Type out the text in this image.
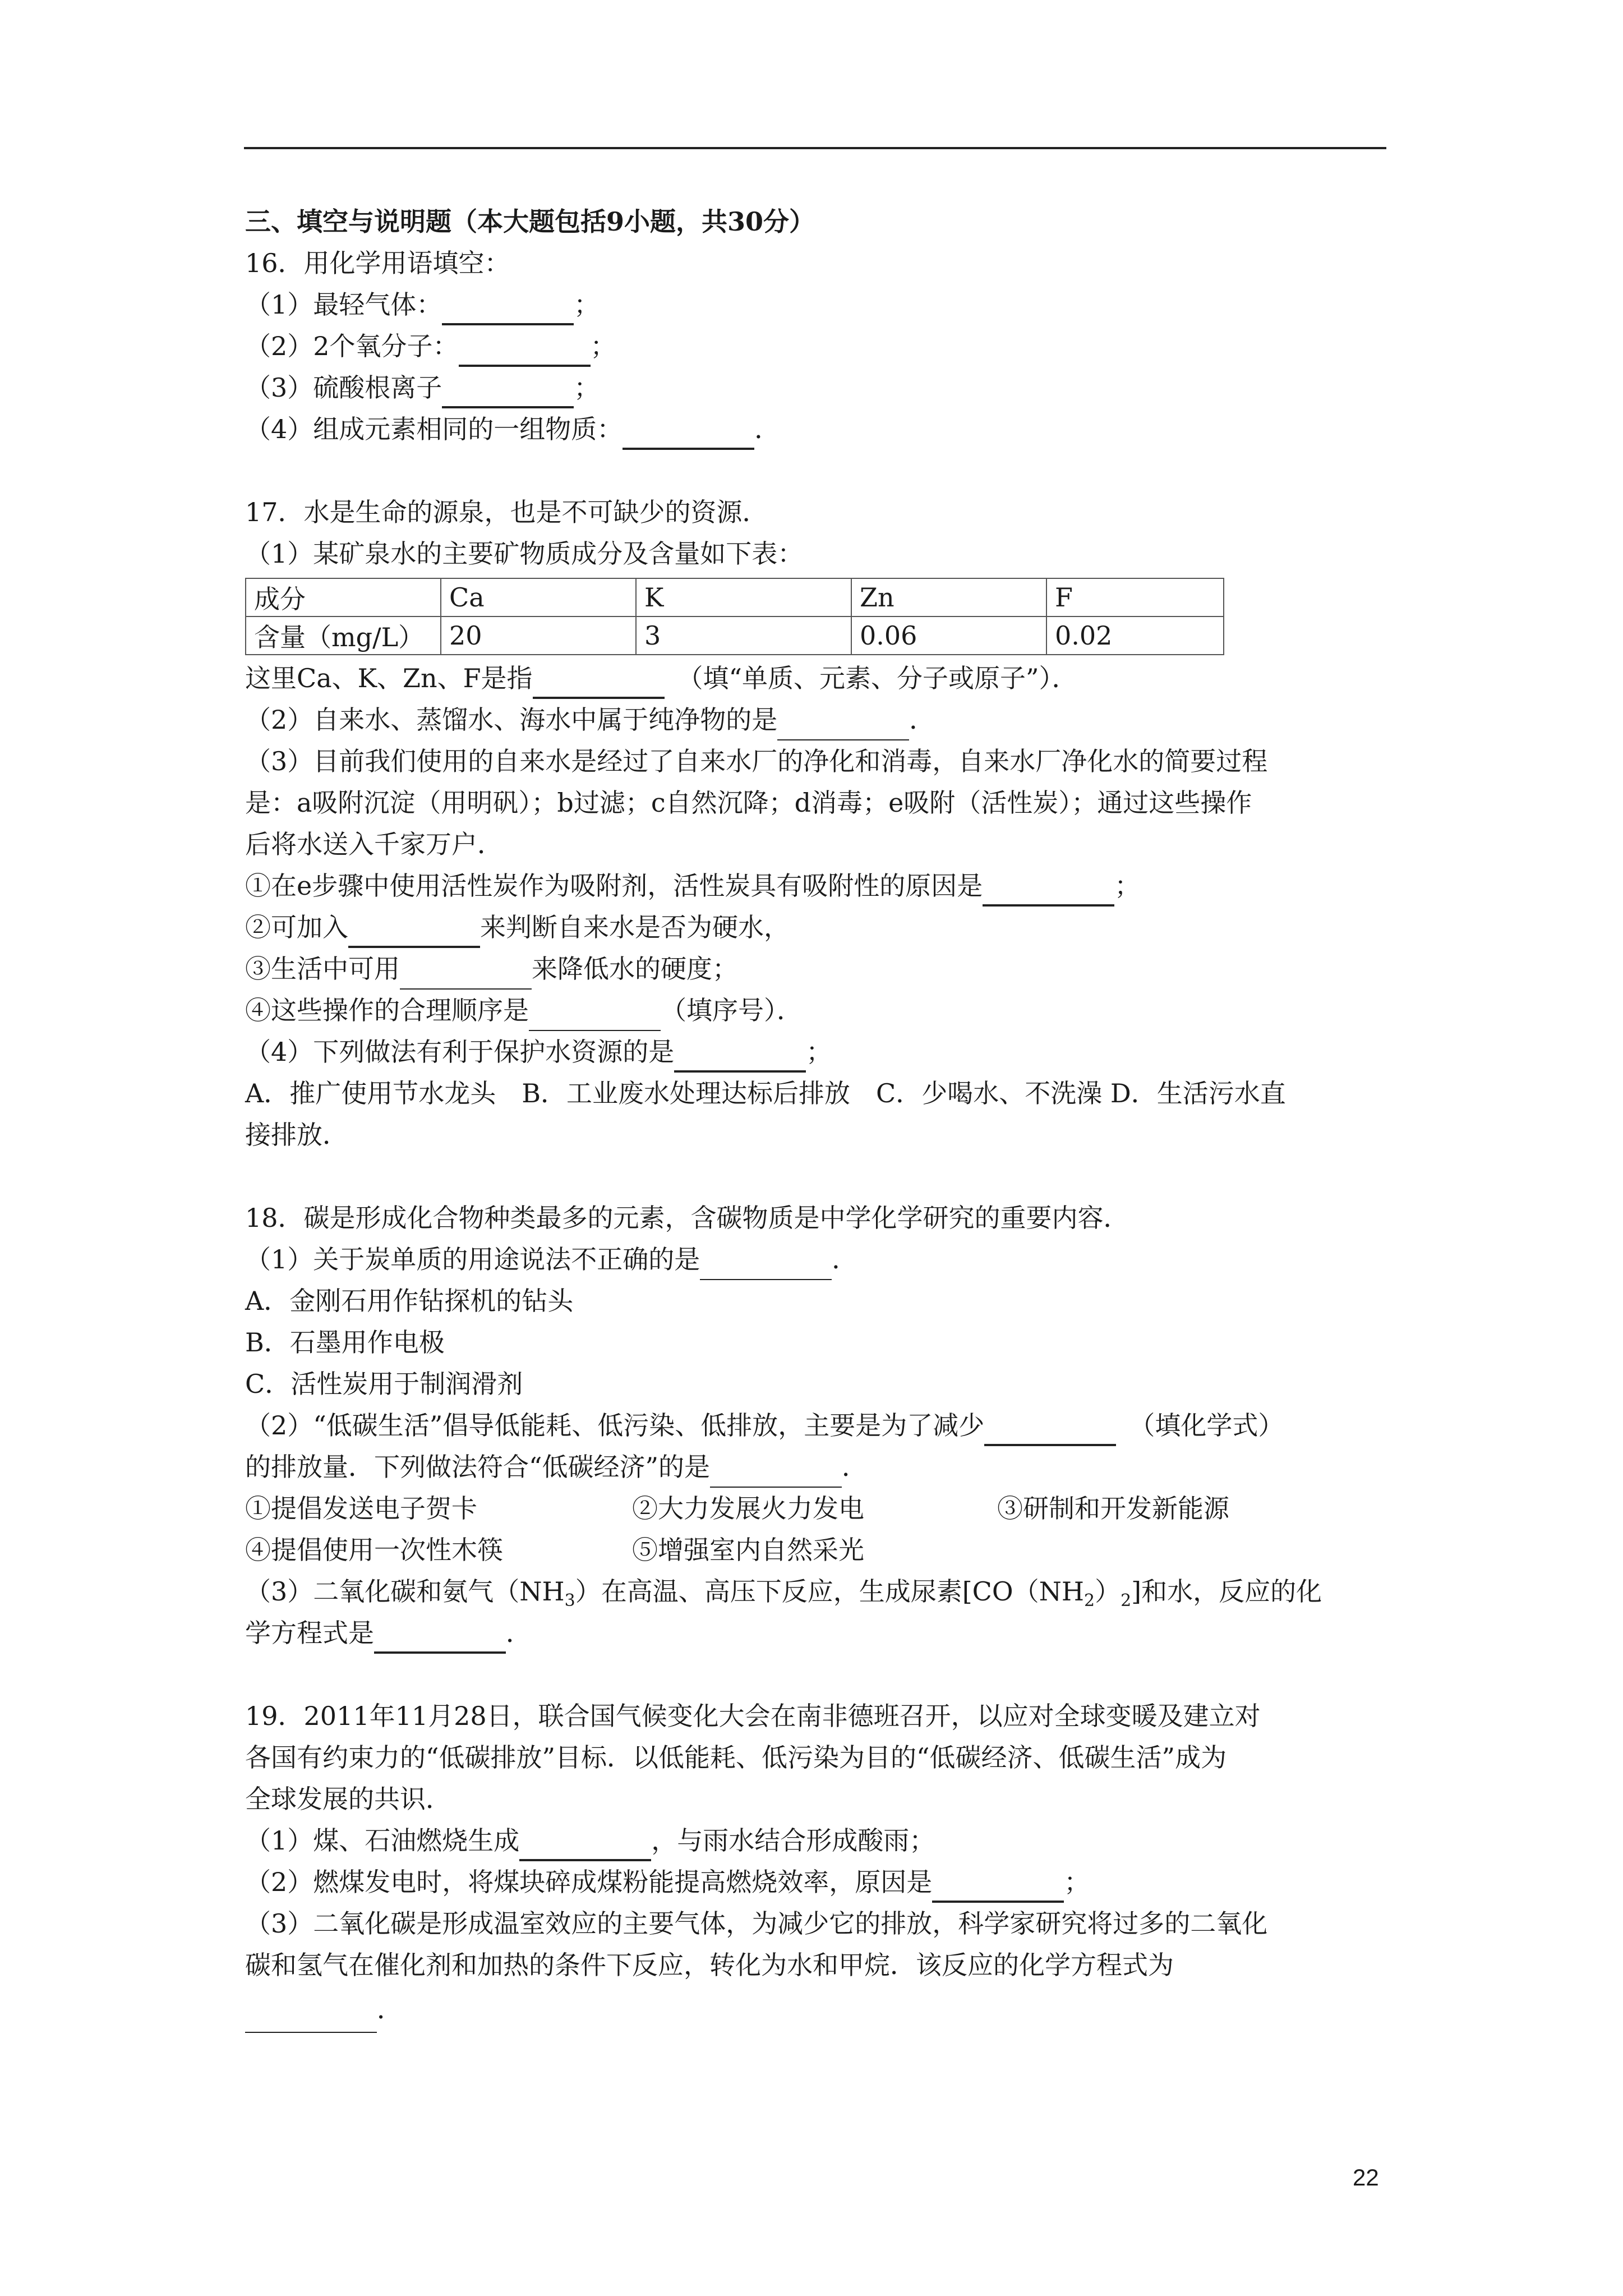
三、填空与说明题（本大题包括9小题，共30分）
16．用化学用语填空：
（1）最轻气体：	；
（2）2个氧分子：	；
（3）硫酸根离子	；
（4）组成元素相同的一组物质：	．
17．水是生命的源泉，也是不可缺少的资源．
（1）某矿泉水的主要矿物质成分及含量如下表：
成分	Ca	K	Zn	F
含量（mg/L）	20	3	0.06	0.02
这里Ca、K、Zn、F是指　	（填“单质、元素、分子或原子”）．
（2）自来水、蒸馏水、海水中属于纯净物的是	．
（3）目前我们使用的自来水是经过了自来水厂的净化和消毒，自来水厂净化水的简要过程
是：a吸附沉淀（用明矾）；b过滤；c自然沉降；d消毒；e吸附（活性炭）；通过这些操作
后将水送入千家万户．
①在e步骤中使用活性炭作为吸附剂，活性炭具有吸附性的原因是	；
②可加入	来判断自来水是否为硬水，
③生活中可用	来降低水的硬度；
④这些操作的合理顺序是	（填序号）．
（4）下列做法有利于保护水资源的是	；
A．推广使用节水龙头　B．工业废水处理达标后排放　C．少喝水、不洗澡 D．生活污水直
接排放．
18．碳是形成化合物种类最多的元素，含碳物质是中学化学研究的重要内容．
（1）关于炭单质的用途说法不正确的是	．
A．金刚石用作钻探机的钻头
B．石墨用作电极
C．活性炭用于制润滑剂
（2）“低碳生活”倡导低能耗、低污染、低排放，主要是为了减少　	（填化学式）
的排放量．下列做法符合“低碳经济”的是	．
①提倡发送电子贺卡	②大力发展火力发电	③研制和开发新能源
④提倡使用一次性木筷	⑤增强室内自然采光
（3）二氧化碳和氨气$(NH_3)$在高温、高压下反应，生成尿素$[CO(NH_2)_2]$和水，反应的化
学方程式是	．
19．2011年11月28日，联合国气候变化大会在南非德班召开，以应对全球变暖及建立对
各国有约束力的“低碳排放”目标．以低能耗、低污染为目的“低碳经济、低碳生活”成为
全球发展的共识．
（1）煤、石油燃烧生成	，与雨水结合形成酸雨；
（2）燃煤发电时，将煤块碎成煤粉能提高燃烧效率，原因是	；
（3）二氧化碳是形成温室效应的主要气体，为减少它的排放，科学家研究将过多的二氧化
碳和氢气在催化剂和加热的条件下反应，转化为水和甲烷．该反应的化学方程式为
．
22
